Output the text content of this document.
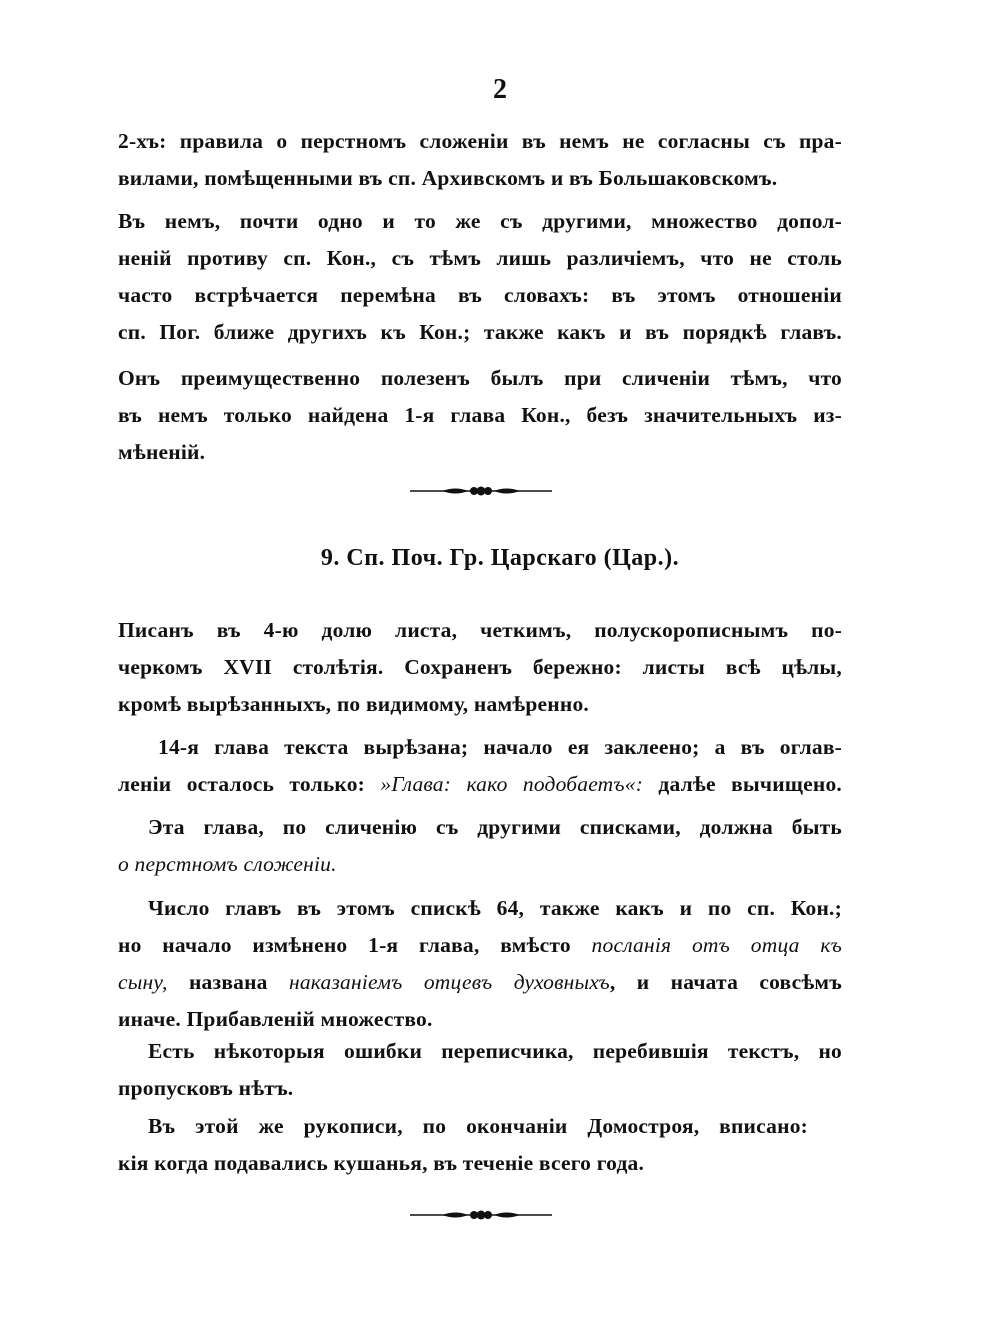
2
2-хъ: правила о перстномъ сложенiи въ немъ не согласны съ пра-
вилами, помѣщенными въ сп. Архивскомъ и въ Большаковскомъ.
Въ немъ, почти одно и то же съ другими, множество допол-
ненiй противу сп. Кон., съ тѣмъ лишь различiемъ, что не столь
часто встрѣчается перемѣна въ словахъ: въ этомъ отношенiи
сп. Пог. ближе другихъ къ Кон.; также какъ и въ порядкѣ главъ.
Онъ преимущественно полезенъ былъ при сличенiи тѣмъ, что
въ немъ только найдена 1-я глава Кон., безъ значительныхъ из-
мѣненiй.
9. Сп. Поч. Гр. Царскаго (Цар.).
Писанъ въ 4-ю долю листа, четкимъ, полускорописнымъ по-
черкомъ XVII столѣтiя. Сохраненъ бережно: листы всѣ цѣлы,
кромѣ вырѣзанныхъ, по видимому, намѣренно.
14-я глава текста вырѣзана; начало ея заклеено; а въ оглав-
ленiи осталось только: »Глава: како подобаетъ«: далѣе вычищено.
Эта глава, по сличенiю съ другими списками, должна быть
о перстномъ сложенiи.
Число главъ въ этомъ спискѣ 64, также какъ и по сп. Кон.;
но начало измѣнено 1-я глава, вмѣсто посланiя отъ отца къ
сыну, названа наказанiемъ отцевъ духовныхъ, и начата совсѣмъ
иначе. Прибавленiй множество.
Есть нѣкоторыя ошибки переписчика, перебившiя текстъ, но
пропусковъ нѣтъ.
Въ этой же рукописи, по окончанiи Домостроя, вписано:
кiя когда подавались кушанья, въ теченiе всего года.
